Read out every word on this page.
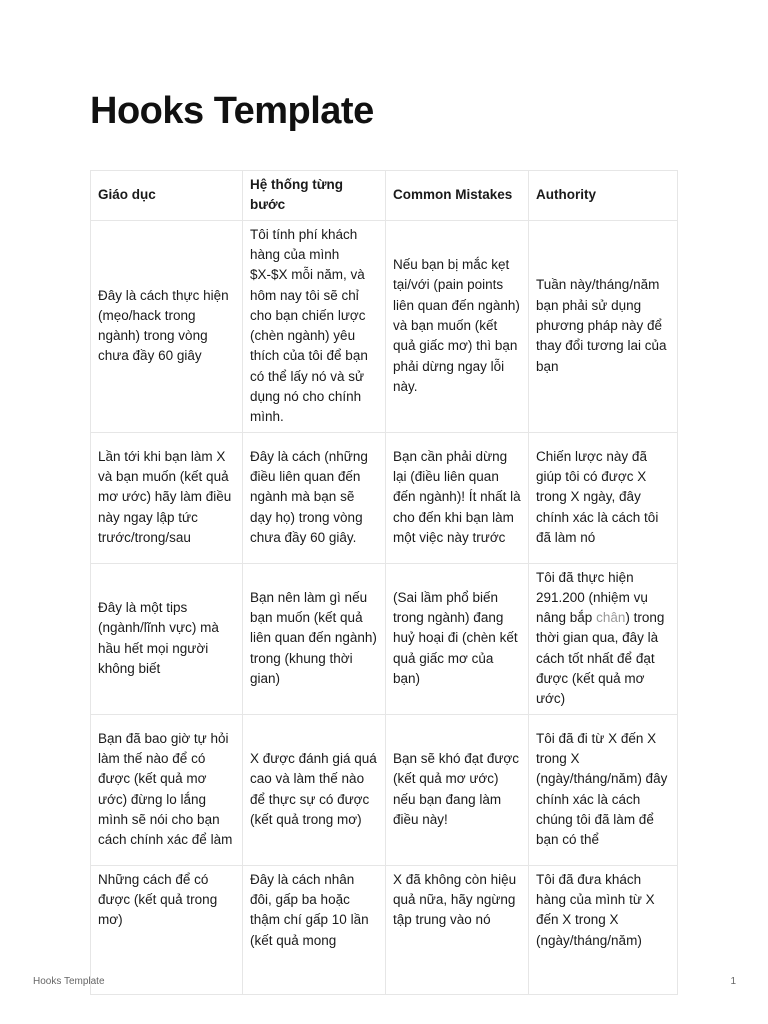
Hooks Template
Giáo dục	Hệ thống từng bước	Common Mistakes	Authority
Đây là cách thực hiện (mẹo/hack trong ngành) trong vòng chưa đầy 60 giây	Tôi tính phí khách hàng của mình $X-$X mỗi năm, và hôm nay tôi sẽ chỉ cho bạn chiến lược (chèn ngành) yêu thích của tôi để bạn có thể lấy nó và sử dụng nó cho chính mình.	Nếu bạn bị mắc kẹt tại/với (pain points liên quan đến ngành) và bạn muốn (kết quả giấc mơ) thì bạn phải dừng ngay lỗi này.	Tuần này/tháng/năm bạn phải sử dụng phương pháp này để thay đổi tương lai của bạn
Lần tới khi bạn làm X và bạn muốn (kết quả mơ ước) hãy làm điều này ngay lập tức trước/trong/sau	Đây là cách (những điều liên quan đến ngành mà bạn sẽ dạy họ) trong vòng chưa đầy 60 giây.	Bạn cần phải dừng lại (điều liên quan đến ngành)! Ít nhất là cho đến khi bạn làm một việc này trước	Chiến lược này đã giúp tôi có được X trong X ngày, đây chính xác là cách tôi đã làm nó
Đây là một tips (ngành/lĩnh vực) mà hầu hết mọi người không biết	Bạn nên làm gì nếu bạn muốn (kết quả liên quan đến ngành) trong (khung thời gian)	(Sai lầm phổ biến trong ngành) đang huỷ hoại đi (chèn kết quả giấc mơ của bạn)	Tôi đã thực hiện 291.200 (nhiệm vụ nâng bắp chân) trong thời gian qua, đây là cách tốt nhất để đạt được (kết quả mơ ước)
Bạn đã bao giờ tự hỏi làm thế nào để có được (kết quả mơ ước) đừng lo lắng mình sẽ nói cho bạn cách chính xác để làm	X được đánh giá quá cao và làm thế nào để thực sự có được (kết quả trong mơ)	Bạn sẽ khó đạt được (kết quả mơ ước) nếu bạn đang làm điều này!	Tôi đã đi từ X đến X trong X (ngày/tháng/năm) đây chính xác là cách chúng tôi đã làm để bạn có thể
Những cách để có được (kết quả trong mơ)	Đây là cách nhân đôi, gấp ba hoặc thậm chí gấp 10 lần (kết quả mong	X đã không còn hiệu quả nữa, hãy ngừng tập trung vào nó	Tôi đã đưa khách hàng của mình từ X đến X trong X (ngày/tháng/năm)
Hooks Template	1
